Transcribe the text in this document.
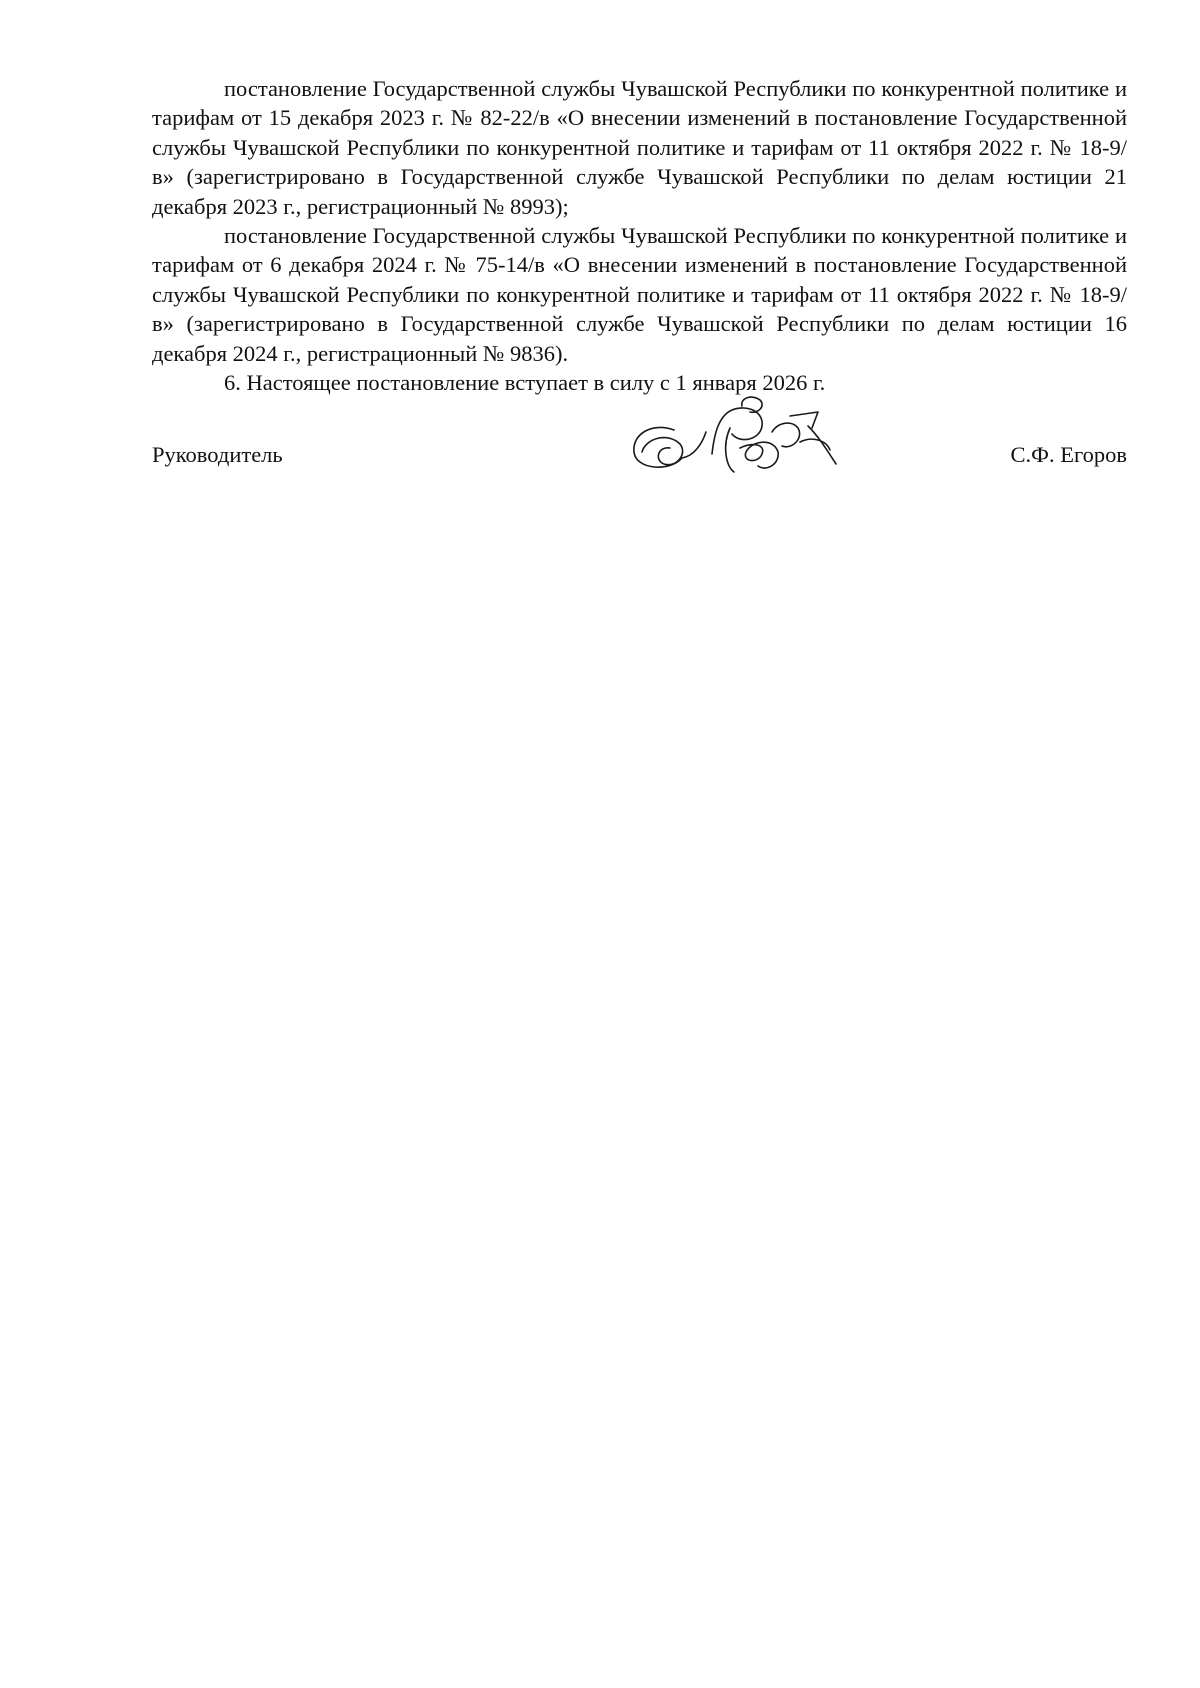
постановление Государственной службы Чувашской Республики по конкурентной политике и тарифам от 15 декабря 2023 г. № 82-22/в «О внесении изменений в постановление Государственной службы Чувашской Республики по конкурентной политике и тарифам от 11 октября 2022 г. № 18-9/в» (зарегистрировано в Государственной службе Чувашской Республики по делам юстиции 21 декабря 2023 г., регистрационный № 8993);

постановление Государственной службы Чувашской Республики по конкурентной политике и тарифам от 6 декабря 2024 г. № 75-14/в «О внесении изменений в постановление Государственной службы Чувашской Республики по конкурентной политике и тарифам от 11 октября 2022 г. № 18-9/в» (зарегистрировано в Государственной службе Чувашской Республики по делам юстиции 16 декабря 2024 г., регистрационный № 9836).

6. Настоящее постановление вступает в силу с 1 января 2026 г.

Руководитель	С.Ф. Егоров
